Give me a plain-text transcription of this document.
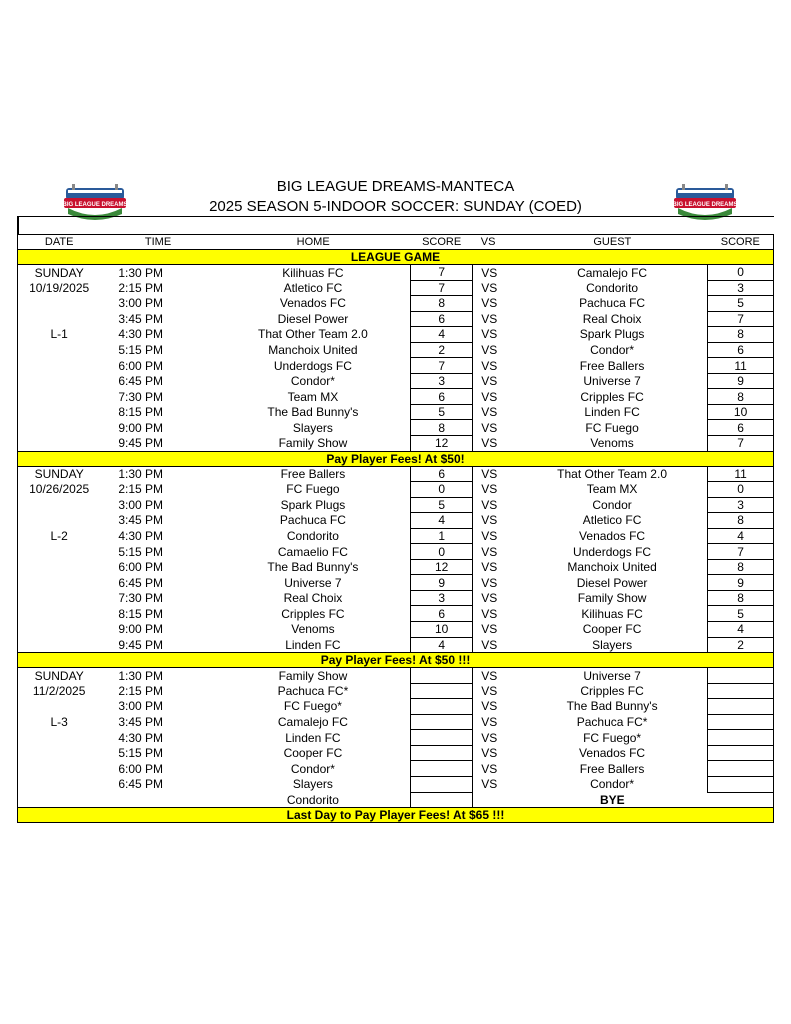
BIG LEAGUE DREAMS	BIG LEAGUE DREAMS
BIG LEAGUE DREAMS-MANTECA
2025 SEASON 5-INDOOR SOCCER: SUNDAY (COED)
DATE	TIME	HOME	SCORE	VS	GUEST	SCORE
LEAGUE GAME						
SUNDAY	1:30 PM	Kilihuas FC	7	VS	Camalejo FC	0
10/19/2025	2:15 PM	Atletico FC	7	VS	Condorito	3
	3:00 PM	Venados FC	8	VS	Pachuca FC	5
	3:45 PM	Diesel Power	6	VS	Real Choix	7
L-1	4:30 PM	That Other Team 2.0	4	VS	Spark Plugs	8
	5:15 PM	Manchoix United	2	VS	Condor*	6
	6:00 PM	Underdogs FC	7	VS	Free Ballers	11
	6:45 PM	Condor*	3	VS	Universe 7	9
	7:30 PM	Team MX	6	VS	Cripples FC	8
	8:15 PM	The Bad Bunny's	5	VS	Linden FC	10
	9:00 PM	Slayers	8	VS	FC Fuego	6
	9:45 PM	Family Show	12	VS	Venoms	7
Pay Player Fees! At $50!						
SUNDAY	1:30 PM	Free Ballers	6	VS	That Other Team 2.0	11
10/26/2025	2:15 PM	FC Fuego	0	VS	Team MX	0
	3:00 PM	Spark Plugs	5	VS	Condor	3
	3:45 PM	Pachuca FC	4	VS	Atletico FC	8
L-2	4:30 PM	Condorito	1	VS	Venados FC	4
	5:15 PM	Camaelio FC	0	VS	Underdogs FC	7
	6:00 PM	The Bad Bunny's	12	VS	Manchoix United	8
	6:45 PM	Universe 7	9	VS	Diesel Power	9
	7:30 PM	Real Choix	3	VS	Family Show	8
	8:15 PM	Cripples FC	6	VS	Kilihuas FC	5
	9:00 PM	Venoms	10	VS	Cooper FC	4
	9:45 PM	Linden FC	4	VS	Slayers	2
Pay Player Fees! At $50 !!!						
SUNDAY	1:30 PM	Family Show		VS	Universe 7	
11/2/2025	2:15 PM	Pachuca FC*		VS	Cripples FC	
	3:00 PM	FC Fuego*		VS	The Bad Bunny's	
L-3	3:45 PM	Camalejo FC		VS	Pachuca FC*	
	4:30 PM	Linden FC		VS	FC Fuego*	
	5:15 PM	Cooper FC		VS	Venados FC	
	6:00 PM	Condor*		VS	Free Ballers	
	6:45 PM	Slayers		VS	Condor*	
		Condorito			BYE	
Last Day to Pay Player Fees! At $65 !!!						
